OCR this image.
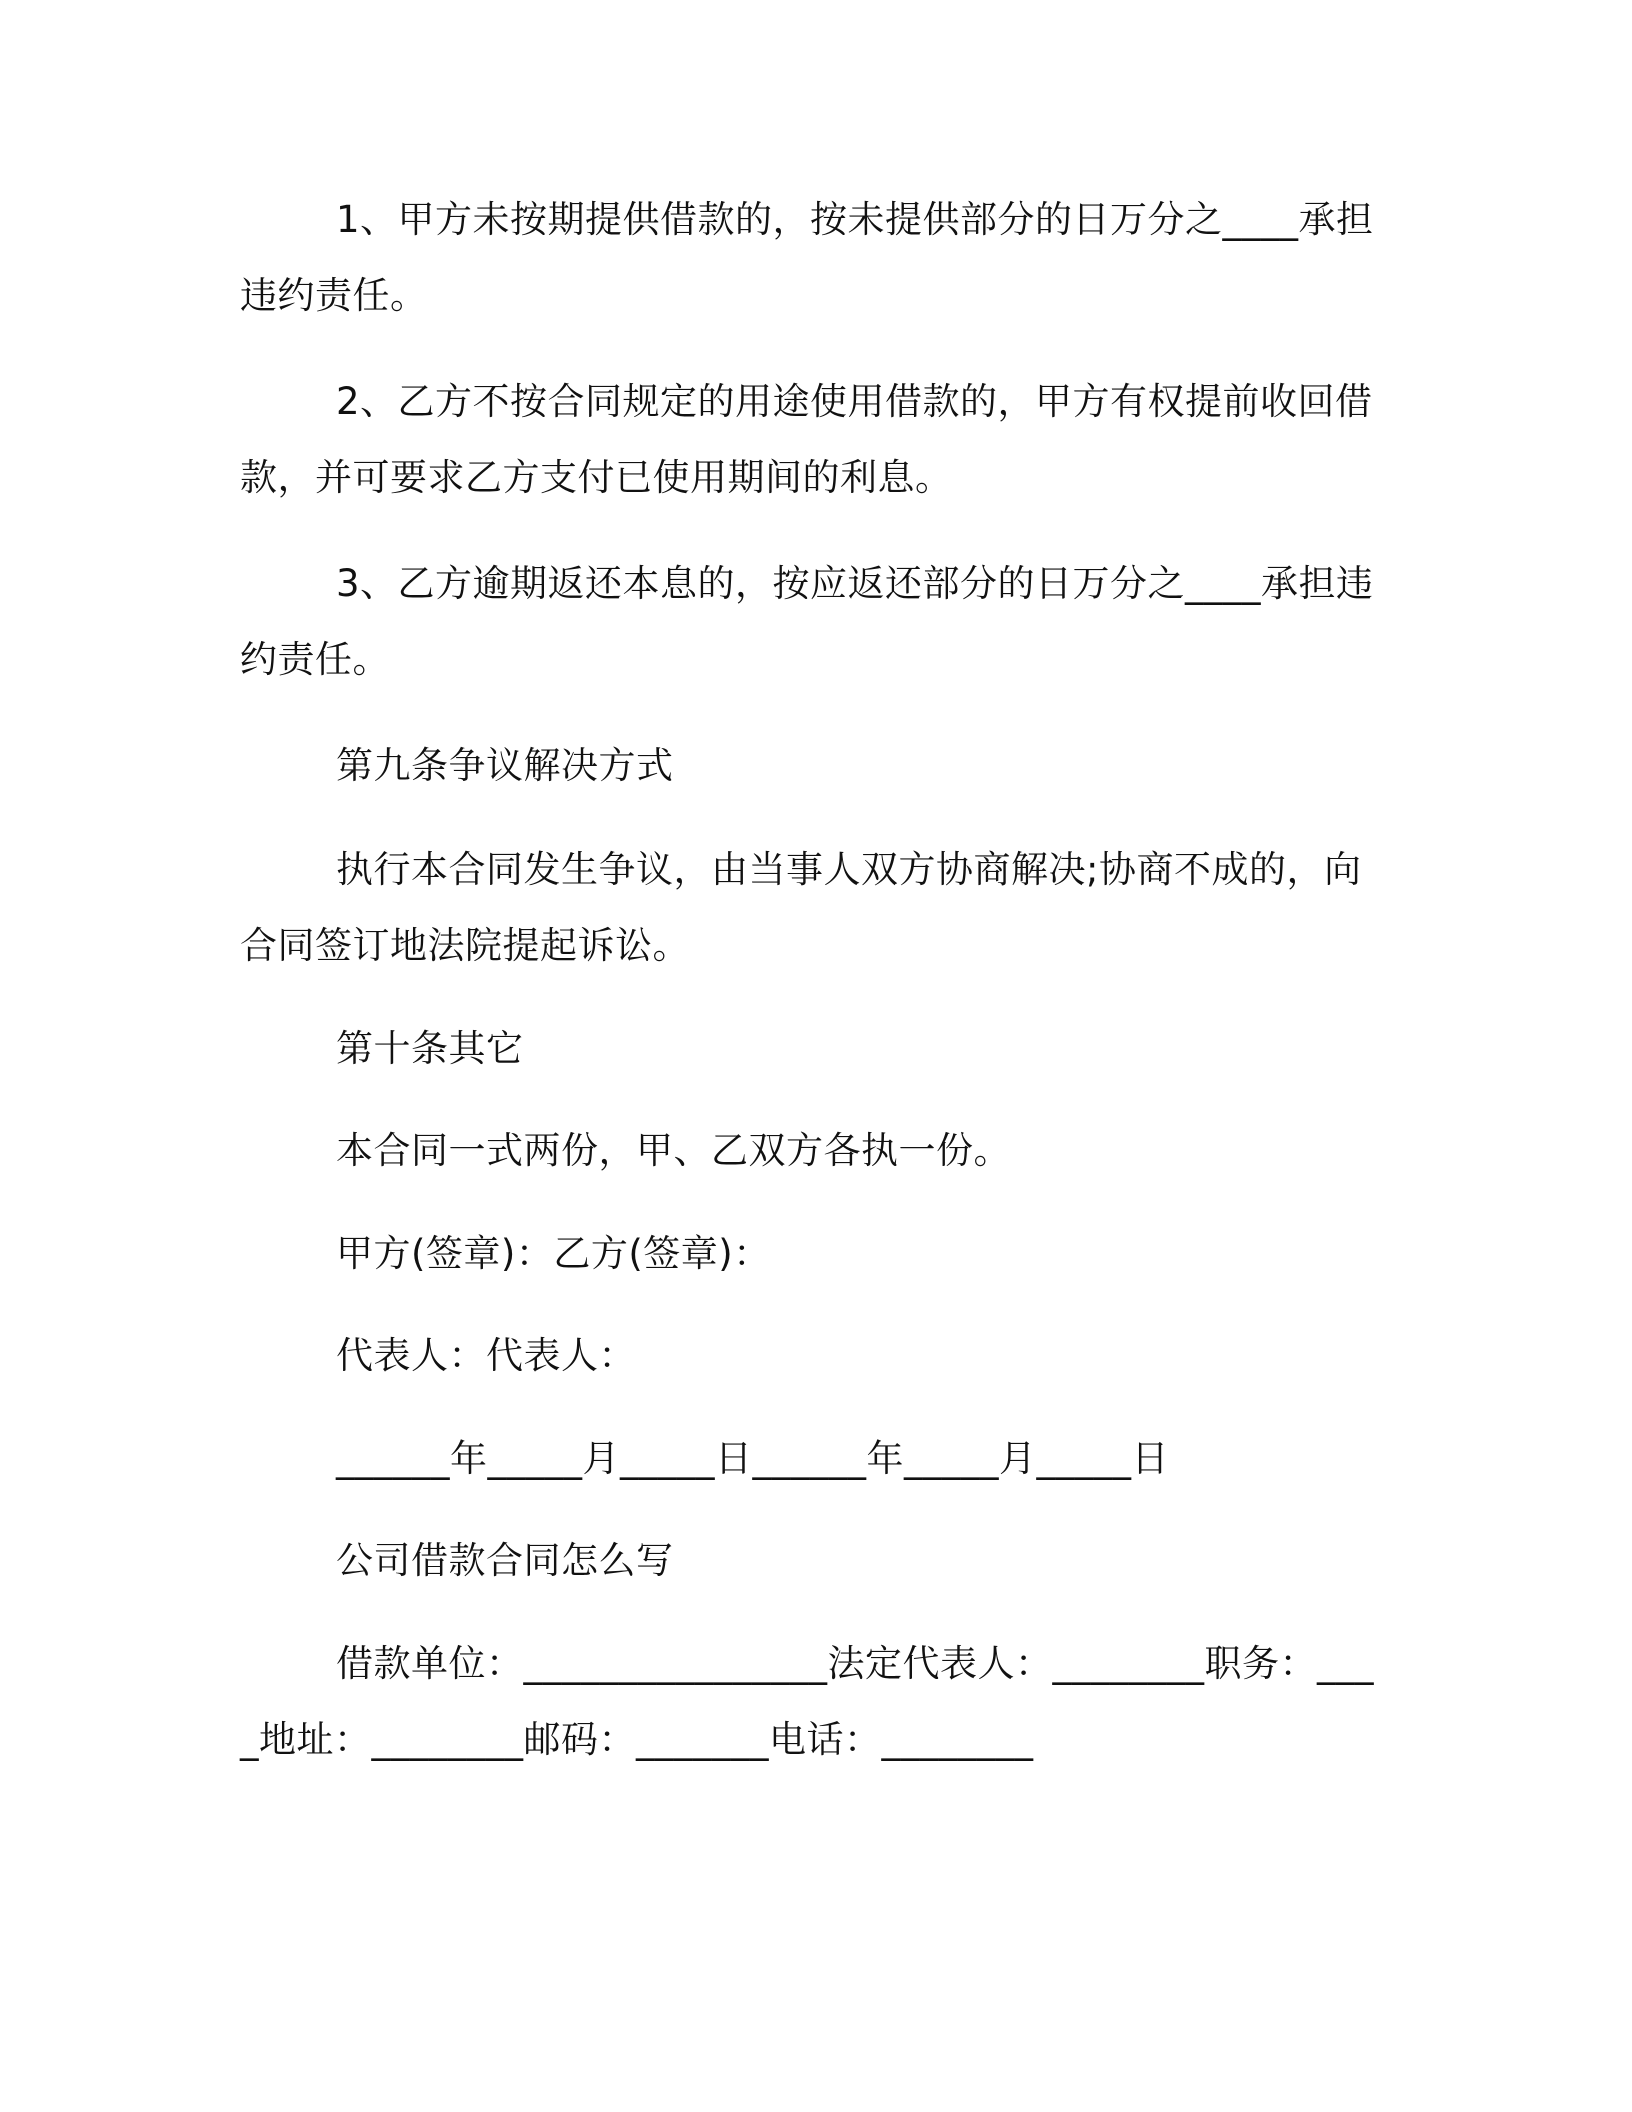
1、甲方未按期提供借款的，按未提供部分的日万分之____承担违约责任。

2、乙方不按合同规定的用途使用借款的，甲方有权提前收回借款，并可要求乙方支付已使用期间的利息。

3、乙方逾期返还本息的，按应返还部分的日万分之____承担违约责任。

第九条争议解决方式

执行本合同发生争议，由当事人双方协商解决;协商不成的，向合同签订地法院提起诉讼。

第十条其它

本合同一式两份，甲、乙双方各执一份。

甲方(签章)：乙方(签章)：

代表人：代表人：

______年_____月_____日______年_____月_____日

公司借款合同怎么写

借款单位：________________法定代表人：________职务：____地址：________邮码：_______电话：________
